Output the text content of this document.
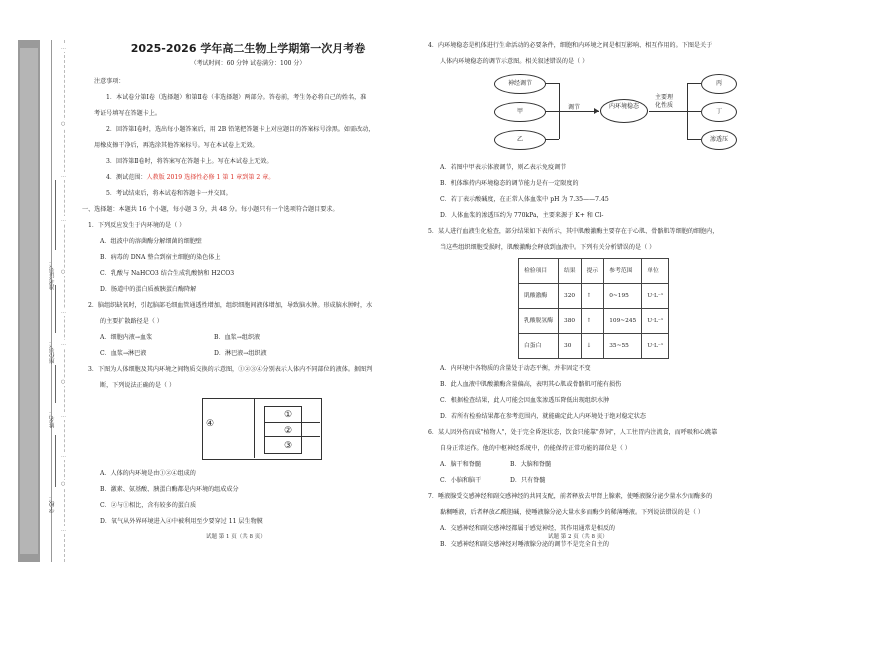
准考证号：
座位号：
姓名：
学校：
…
○
…
…
○
…
…
○
…
…
○
…
2025-2026 学年高二生物上学期第一次月考卷
（考试时间：60 分钟 试卷满分：100 分）
注意事项：
1．本试卷分第Ⅰ卷（选择题）和第Ⅱ卷（非选择题）两部分。答卷前，考生务必将自己的姓名，准
考证号填写在答题卡上。
2．回答第Ⅰ卷时，选出每小题答案后，用 2B 铅笔把答题卡上对应题目的答案标号涂黑。如需改动，
用橡皮擦干净后，再选涂其他答案标号。写在本试卷上无效。
3．回答第Ⅱ卷时，将答案写在答题卡上。写在本试卷上无效。
4．测试范围：人教版 2019 选择性必修 1 第 1 章到第 2 章。
5．考试结束后，将本试卷和答题卡一并交回。
一、选择题：本题共 16 个小题，每小题 3 分，共 48 分。每小题只有一个选项符合题目要求。
1．下列反应发生于内环境的是（ ）
A．组波中的溶菌酶分解细菌的细胞壁
B．病毒的 DNA 整合到宿主细胞的染色体上
C．乳酸与 NaHCO3 结合生成乳酸钠和 H2CO3
D．肠道中的蛋白质被胰蛋白酶降解
2．脑组织缺氧时，引起脑部毛细血管通透性增加，组织细胞间液体增加，导致脑水肿。形成脑水肿时，水
的主要扩散路径是（ ）
A．细胞内液→血浆	B．血浆→组织液
C．血浆→淋巴液	D．淋巴液→组织液
3．下图为人体细胞及其内环境之间物质交换的示意图，①②③④分别表示人体内不同部位的液体。据图判
断，下列说法正确的是（ ）
④
①
②
③
A．人体的内环境是由①②④组成的
B．激素、氨基酸、胰蛋白酶都是内环境的组成成分
C．②与①相比，含有较多的蛋白质
D．氧气从外界环境进入④中被利用至少要穿过 11 层生物膜
试题 第 1 页（共 8 页）
4．内环境稳态是机体进行生命活动的必要条件，细胞和内环境之间是相互影响、相互作用的。下图是关于
人体内环境稳态的调节示意图。相关叙述错误的是（ ）
神经调节
甲
乙
调节	内环境稳态
主要理
化性质
丙
丁
渗透压
A．若图中甲表示体液调节，则乙表示免疫调节
B．机体维持内环境稳态的调节能力是有一定限度的
C．若丁表示酸碱度，在正常人体血浆中 pH 为 7.35——7.45
D．人体血浆的渗透压约为 770kPa，主要来源于 K+ 和 Cl-
5．某人进行血液生化检查，部分结果如下表所示，其中肌酸激酶主要存在于心肌、骨骼肌等细胞的细胞内，
当这些组织细胞受损时，肌酸激酶会释放到血液中。下列有关分析错误的是（ ）
检验项目	结果	提示	参考范围	单位
肌酸激酶	320	↑	0~195	U·L⁻¹
乳酸脱氢酶	380	↑	109~245	U·L⁻¹
白蛋白	30	↓	35~55	U·L⁻¹
A．内环境中各物质的含量处于动态平衡，并非固定不变
B．此人血液中肌酸激酶含量偏高，表明其心肌或骨骼肌可能有损伤
C．根据检查结果，此人可能会因血浆渗透压降低出现组织水肿
D．若所有检验结果都在参考范围内，就能确定此人内环境处于绝对稳定状态
6．某人因外伤而成"植物人"，处于完全昏迷状态，饮食只能靠"鼻饲"，人工往胃内注流食，而呼吸和心跳靠
自身正常运作。他的中枢神经系统中，仍能保持正常功能的部位是（ ）
A．脑干和脊髓	B．大脑和脊髓
C．小脑和脑干	D．只有脊髓
7．唾液腺受交感神经和副交感神经的共同支配，前者释放去甲肾上腺素，使唾液腺分泌少量水少而酶多的
黏稠唾液，后者释放乙酰胆碱，使唾液腺分泌大量水多而酶少的稀薄唾液。下列说法错误的是（ ）
A．交感神经和副交感神经都属于感觉神经，其作用通常是相反的
B．交感神经和副交感神经对唾液腺分泌的调节不是完全自主的
试题 第 2 页（共 8 页）
